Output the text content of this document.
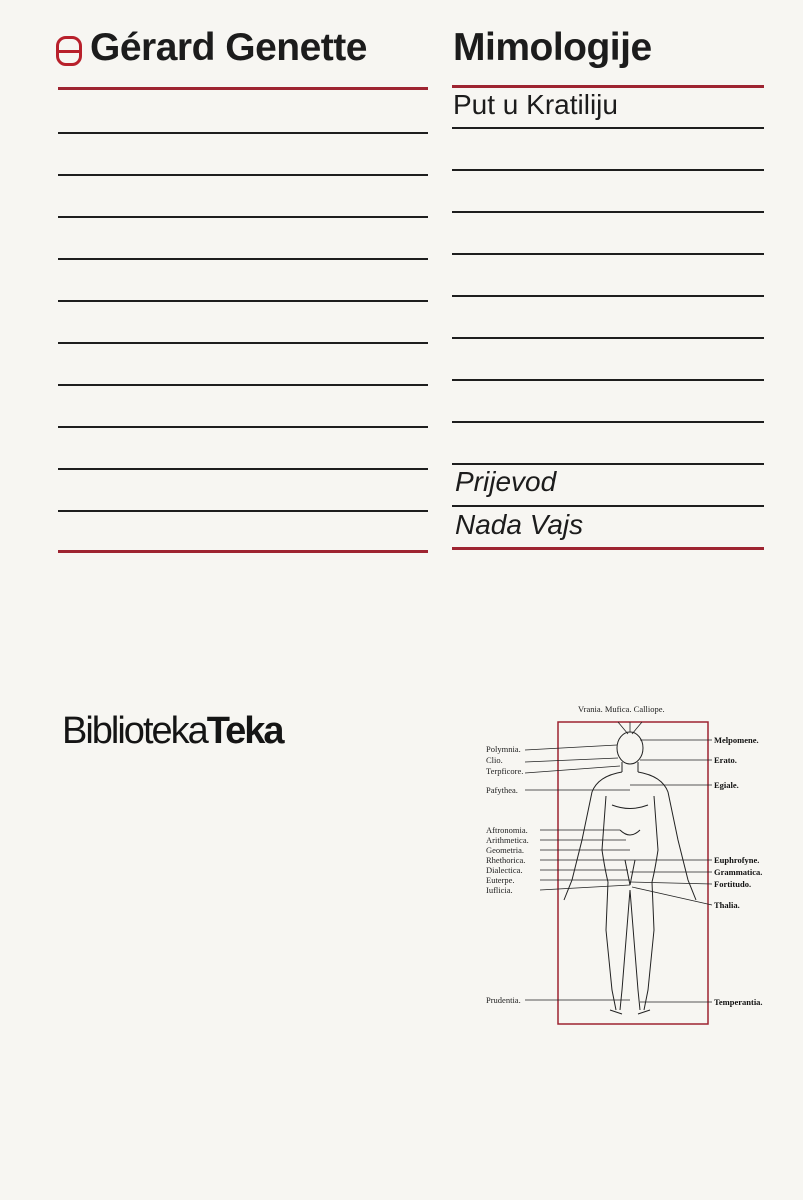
Gérard Genette Mimologije
Put u Kratiliju
Prijevod
Nada Vajs
BibliotekaTeka
Vrania. Mufica. Calliope.
Polymnia.
Clio.
Terpficore.
Pafythea.
Aftronomia.
Arithmetica.
Geometria.
Rhethorica.
Dialectica.
Euterpe.
Iuflicia.
Prudentia.
Melpomene.
Erato.
Egiale.
Euphrofyne.
Grammatica.
Fortitudo.
Thalia.
Temperantia.
